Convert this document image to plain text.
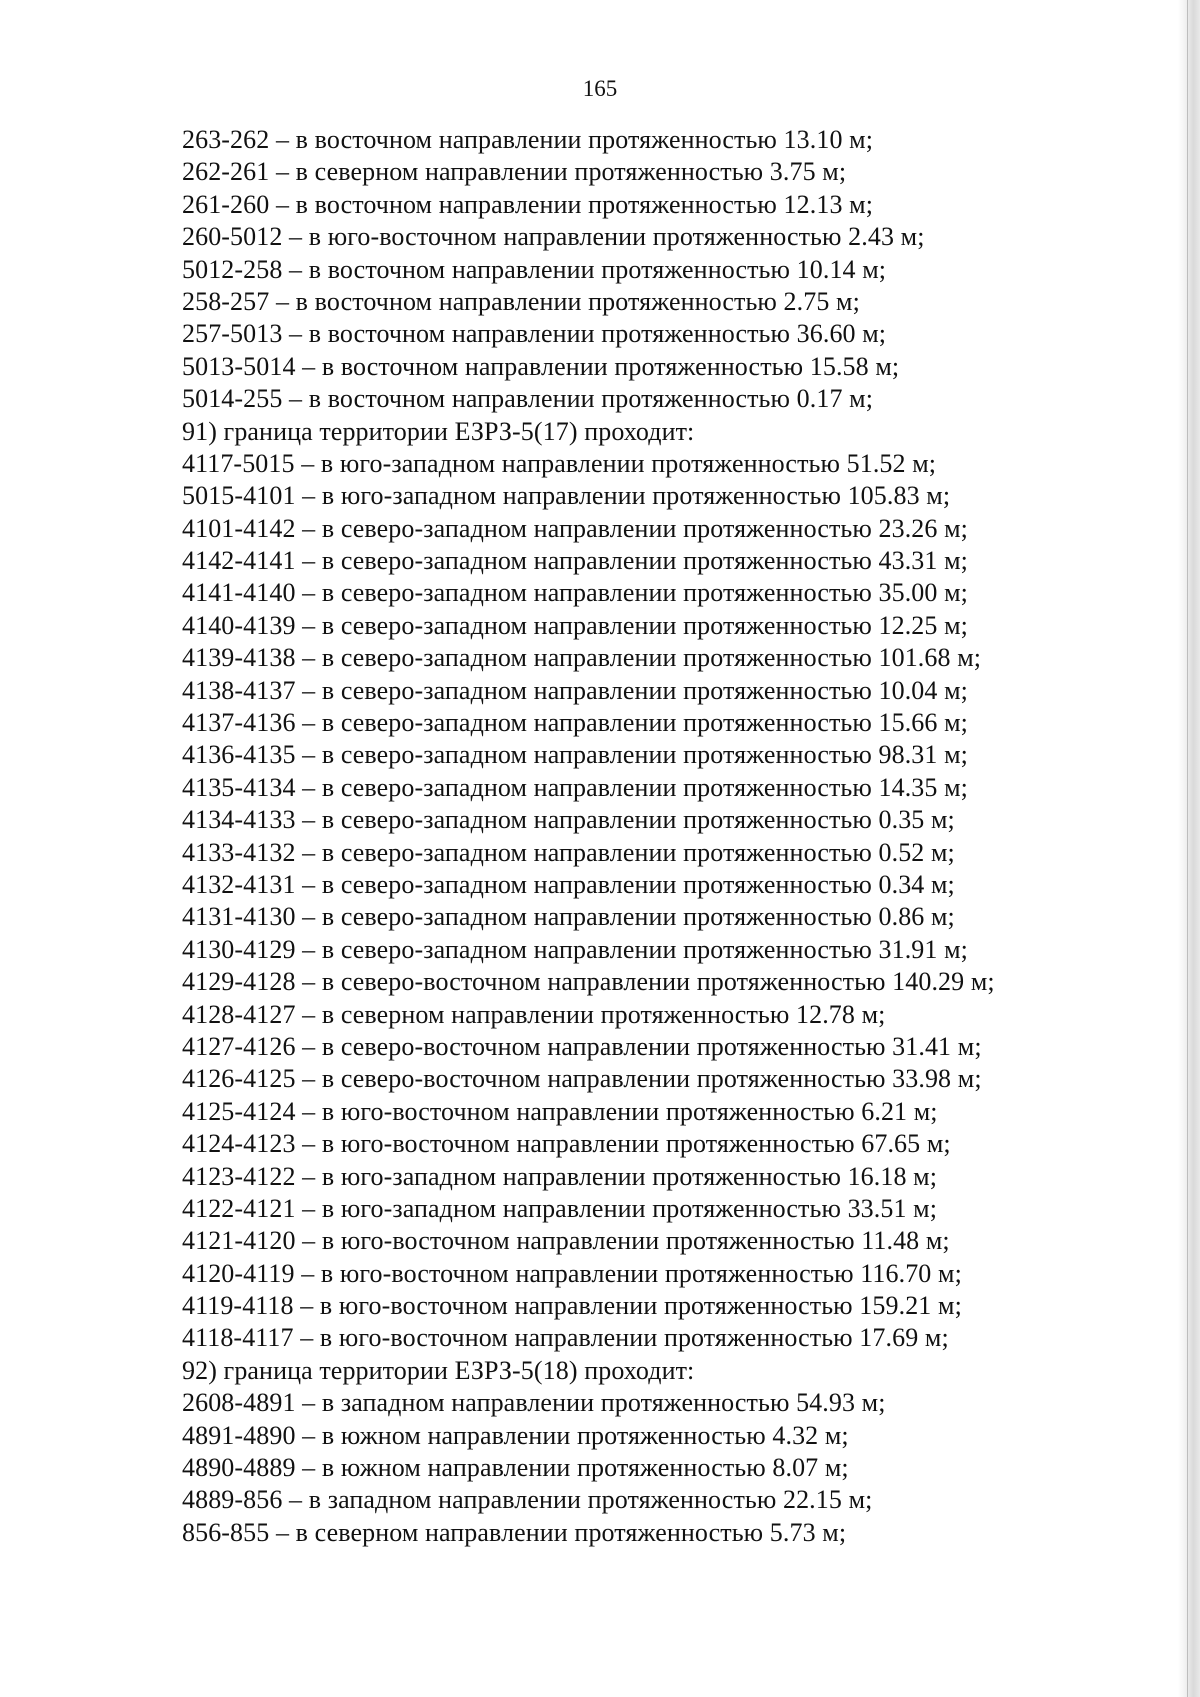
165
263-262 – в восточном направлении протяженностью 13.10 м;
262-261 – в северном направлении протяженностью 3.75 м;
261-260 – в восточном направлении протяженностью 12.13 м;
260-5012 – в юго-восточном направлении протяженностью 2.43 м;
5012-258 – в восточном направлении протяженностью 10.14 м;
258-257 – в восточном направлении протяженностью 2.75 м;
257-5013 – в восточном направлении протяженностью 36.60 м;
5013-5014 – в восточном направлении протяженностью 15.58 м;
5014-255 – в восточном направлении протяженностью 0.17 м;
91) граница территории ЕЗРЗ-5(17) проходит:
4117-5015 – в юго-западном направлении протяженностью 51.52 м;
5015-4101 – в юго-западном направлении протяженностью 105.83 м;
4101-4142 – в северо-западном направлении протяженностью 23.26 м;
4142-4141 – в северо-западном направлении протяженностью 43.31 м;
4141-4140 – в северо-западном направлении протяженностью 35.00 м;
4140-4139 – в северо-западном направлении протяженностью 12.25 м;
4139-4138 – в северо-западном направлении протяженностью 101.68 м;
4138-4137 – в северо-западном направлении протяженностью 10.04 м;
4137-4136 – в северо-западном направлении протяженностью 15.66 м;
4136-4135 – в северо-западном направлении протяженностью 98.31 м;
4135-4134 – в северо-западном направлении протяженностью 14.35 м;
4134-4133 – в северо-западном направлении протяженностью 0.35 м;
4133-4132 – в северо-западном направлении протяженностью 0.52 м;
4132-4131 – в северо-западном направлении протяженностью 0.34 м;
4131-4130 – в северо-западном направлении протяженностью 0.86 м;
4130-4129 – в северо-западном направлении протяженностью 31.91 м;
4129-4128 – в северо-восточном направлении протяженностью 140.29 м;
4128-4127 – в северном направлении протяженностью 12.78 м;
4127-4126 – в северо-восточном направлении протяженностью 31.41 м;
4126-4125 – в северо-восточном направлении протяженностью 33.98 м;
4125-4124 – в юго-восточном направлении протяженностью 6.21 м;
4124-4123 – в юго-восточном направлении протяженностью 67.65 м;
4123-4122 – в юго-западном направлении протяженностью 16.18 м;
4122-4121 – в юго-западном направлении протяженностью 33.51 м;
4121-4120 – в юго-восточном направлении протяженностью 11.48 м;
4120-4119 – в юго-восточном направлении протяженностью 116.70 м;
4119-4118 – в юго-восточном направлении протяженностью 159.21 м;
4118-4117 – в юго-восточном направлении протяженностью 17.69 м;
92) граница территории ЕЗРЗ-5(18) проходит:
2608-4891 – в западном направлении протяженностью 54.93 м;
4891-4890 – в южном направлении протяженностью 4.32 м;
4890-4889 – в южном направлении протяженностью 8.07 м;
4889-856 – в западном направлении протяженностью 22.15 м;
856-855 – в северном направлении протяженностью 5.73 м;
